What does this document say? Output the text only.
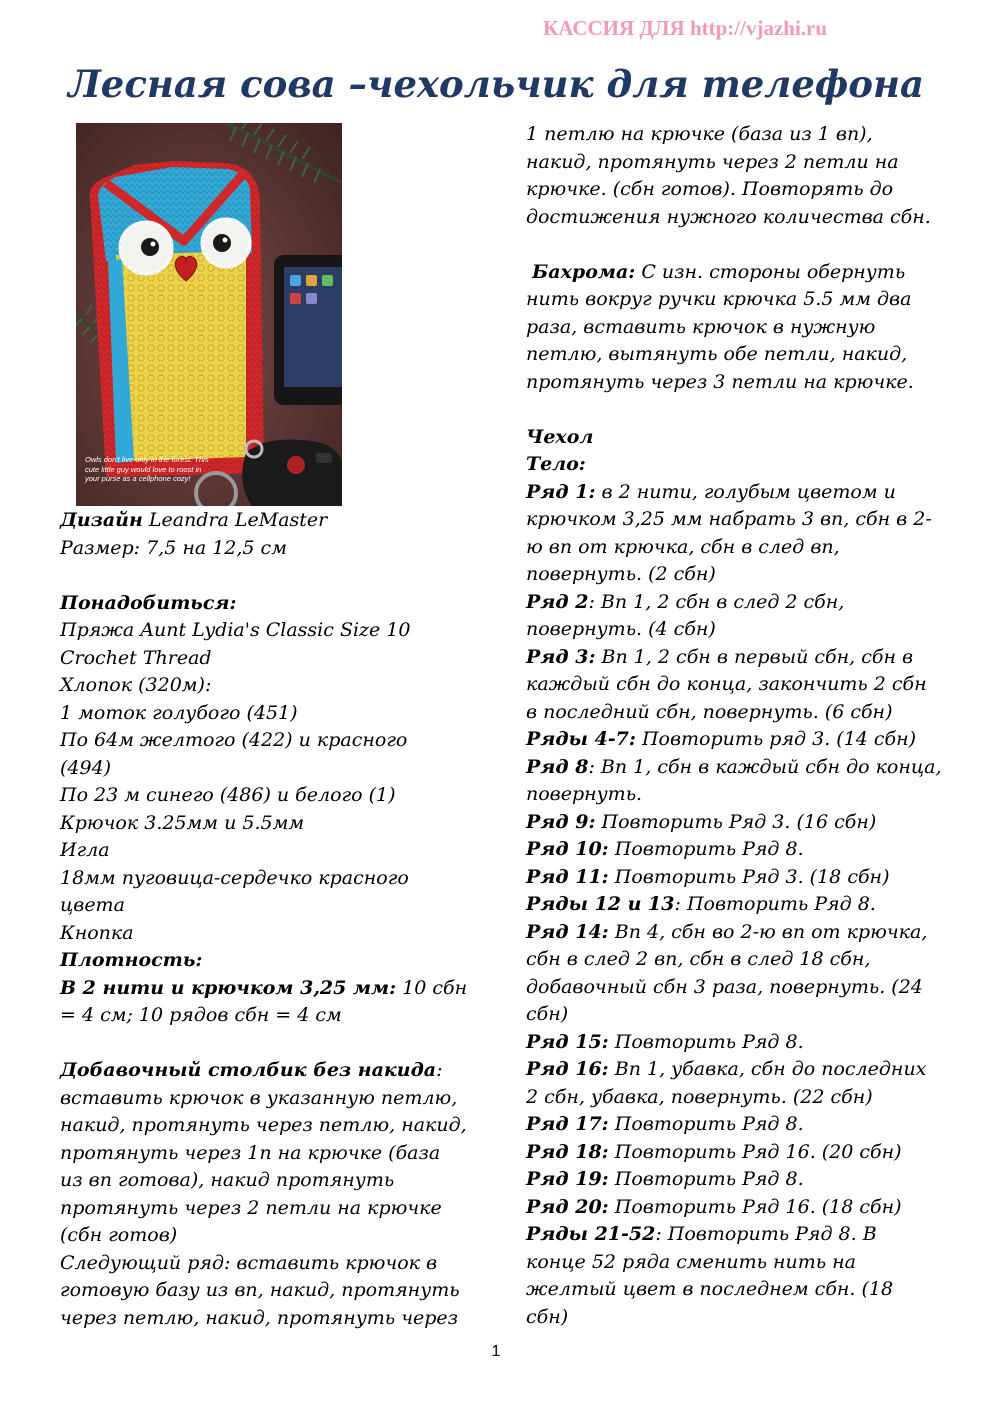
КАССИЯ ДЛЯ http://vjazhi.ru
Лесная сова –чехольчик для телефона
Owls don't live only in the forest. This
cute little guy would love to roost in
your purse as a cellphone cozy!

Дизайн Leandra LeMaster

Размер: 7,5 на 12,5 см

Понадобиться:

Пряжа Aunt Lydia's Classic Size 10

Crochet Thread

Хлопок (320м):

1 моток голубого (451)

По 64м желтого (422) и красного

(494)

По 23 м синего (486) и белого (1)

Крючок 3.25мм и 5.5мм

Игла

18мм пуговица-сердечко красного

цвета

Кнопка

Плотность:

В 2 нити и крючком 3,25 мм: 10 сбн

= 4 см; 10 рядов сбн = 4 см

Добавочный столбик без накида:

вставить крючок в указанную петлю,

накид, протянуть через петлю, накид,

протянуть через 1п на крючке (база

из вп готова), накид протянуть

протянуть через 2 петли на крючке

(сбн готов)

Следующий ряд: вставить крючок в

готовую базу из вп, накид, протянуть

через петлю, накид, протянуть через

1 петлю на крючке (база из 1 вп),

накид, протянуть через 2 петли на

крючке. (сбн готов). Повторять до

достижения нужного количества сбн.

Бахрома: С изн. стороны обернуть

нить вокруг ручки крючка 5.5 мм два

раза, вставить крючок в нужную

петлю, вытянуть обе петли, накид,

протянуть через 3 петли на крючке.

Чехол

Тело:

Ряд 1: в 2 нити, голубым цветом и

крючком 3,25 мм набрать 3 вп, сбн в 2-

ю вп от крючка, сбн в след вп,

повернуть. (2 сбн)

Ряд 2: Вп 1, 2 сбн в след 2 сбн,

повернуть. (4 сбн)

Ряд 3: Вп 1, 2 сбн в первый сбн, сбн в

каждый сбн до конца, закончить 2 сбн

в последний сбн, повернуть. (6 сбн)

Ряды 4-7: Повторить ряд 3. (14 сбн)

Ряд 8: Вп 1, сбн в каждый сбн до конца,

повернуть.

Ряд 9: Повторить Ряд 3. (16 сбн)

Ряд 10: Повторить Ряд 8.

Ряд 11: Повторить Ряд 3. (18 сбн)

Ряды 12 и 13: Повторить Ряд 8.

Ряд 14: Вп 4, сбн во 2-ю вп от крючка,

сбн в след 2 вп, сбн в след 18 сбн,

добавочный сбн 3 раза, повернуть. (24

сбн)

Ряд 15: Повторить Ряд 8.

Ряд 16: Вп 1, убавка, сбн до последних

2 сбн, убавка, повернуть. (22 сбн)

Ряд 17: Повторить Ряд 8.

Ряд 18: Повторить Ряд 16. (20 сбн)

Ряд 19: Повторить Ряд 8.

Ряд 20: Повторить Ряд 16. (18 сбн)

Ряды 21-52: Повторить Ряд 8. В

конце 52 ряда сменить нить на

желтый цвет в последнем сбн. (18

сбн)

1
